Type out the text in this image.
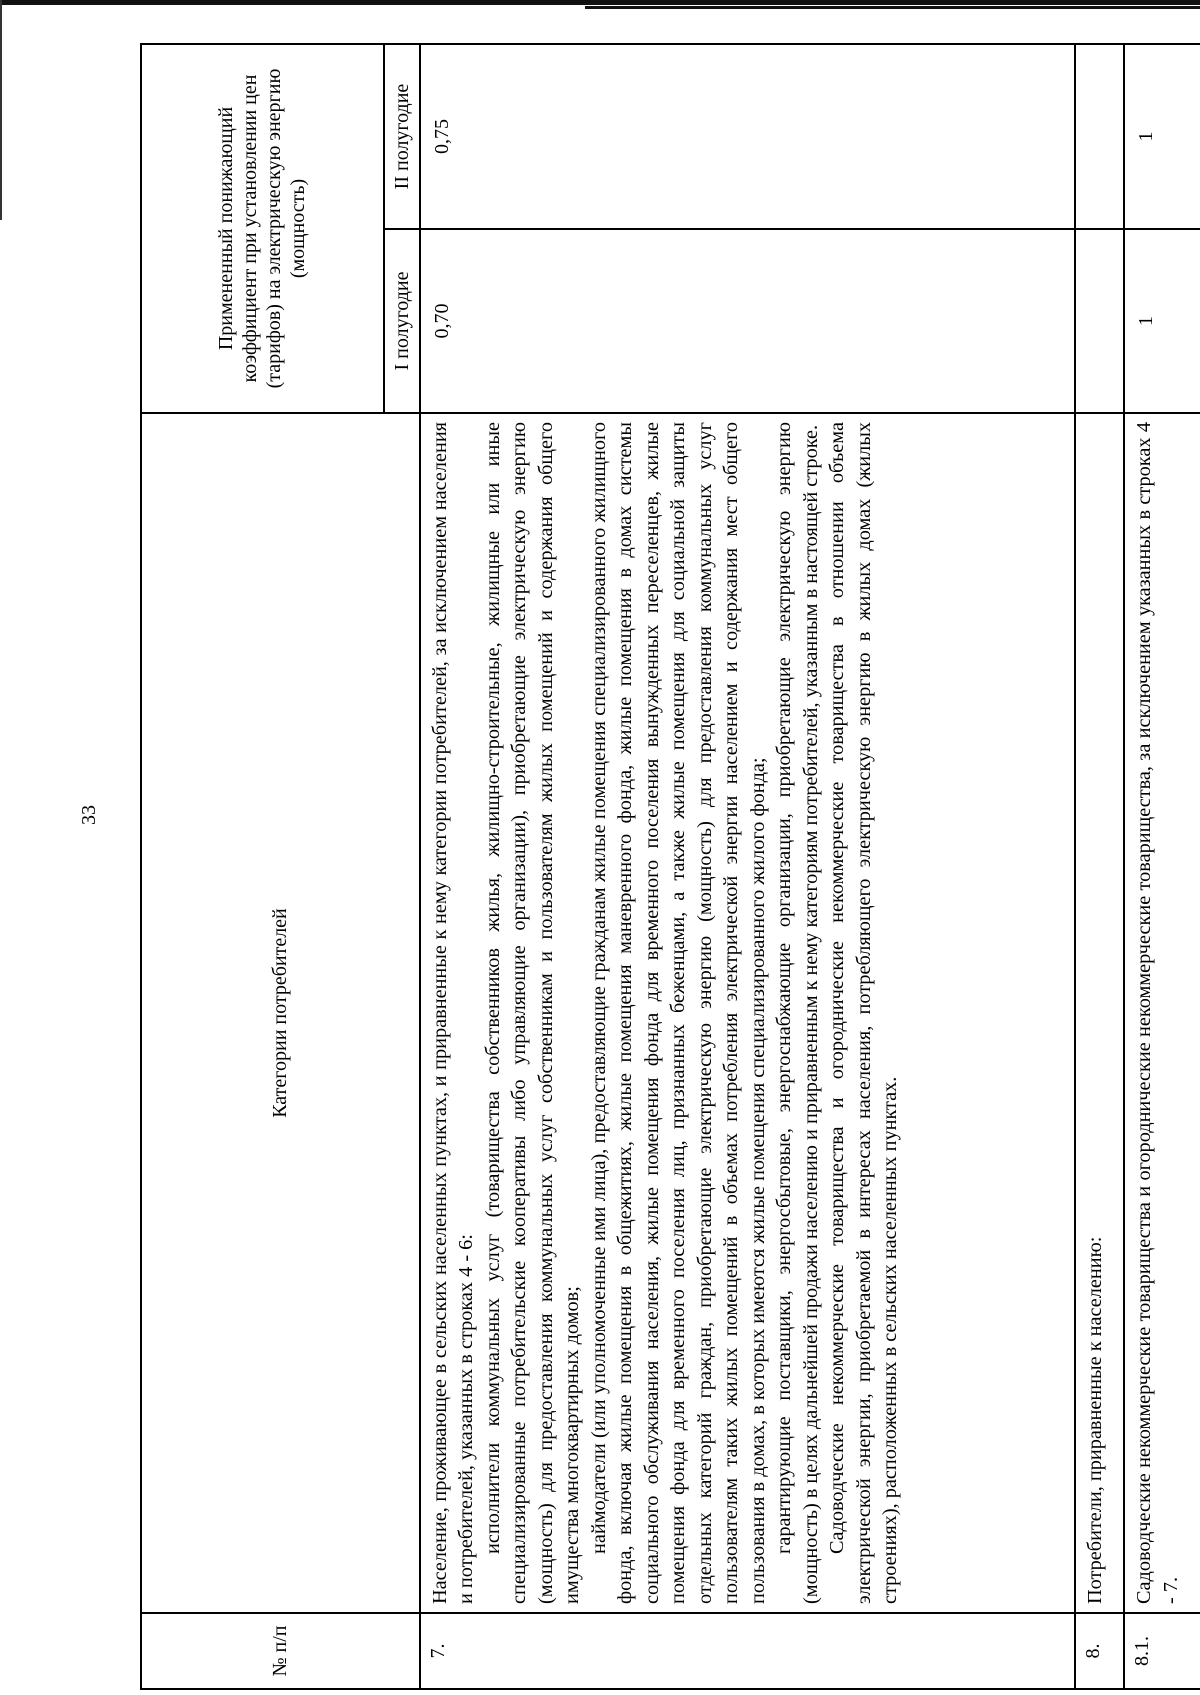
33
№ п/п	Категории потребителей	Примененный понижающий коэффициент при установлении цен (тарифов) на электрическую энергию (мощность)	
		I полугодие	II полугодие
7.	Население, проживающее в сельских населенных пунктах, и приравненные к нему категории потребителей, за исключением населения и потребителей, указанных в строках 4 - 6: исполнители коммунальных услуг (товарищества собственников жилья, жилищно-строительные, жилищные или иные специализированные потребительские кооперативы либо управляющие организации), приобретающие электрическую энергию (мощность) для предоставления коммунальных услуг собственникам и пользователям жилых помещений и содержания общего имущества многоквартирных домов; наймодатели (или уполномоченные ими лица), предоставляющие гражданам жилые помещения специализированного жилищного фонда, включая жилые помещения в общежитиях, жилые помещения маневренного фонда, жилые помещения в домах системы социального обслуживания населения, жилые помещения фонда для временного поселения вынужденных переселенцев, жилые помещения фонда для временного поселения лиц, признанных беженцами, а также жилые помещения для социальной защиты отдельных категорий граждан, приобретающие электрическую энергию (мощность) для предоставления коммунальных услуг пользователям таких жилых помещений в объемах потребления электрической энергии населением и содержания мест общего пользования в домах, в которых имеются жилые помещения специализированного жилого фонда; гарантирующие поставщики, энергосбытовые, энергоснабжающие организации, приобретающие электрическую энергию (мощность) в целях дальнейшей продажи населению и приравненным к нему категориям потребителей, указанным в настоящей строке. Садоводческие некоммерческие товарищества и огороднические некоммерческие товарищества в отношении объема электрической энергии, приобретаемой в интересах населения, потребляющего электрическую энергию в жилых домах (жилых строениях), расположенных в сельских населенных пунктах.	0,70	0,75
8.	Потребители, приравненные к населению:		

8.1.	Садоводческие некоммерческие товарищества и огороднические некоммерческие товарищества, за исключением указанных в строках 4 - 7.	1	1
